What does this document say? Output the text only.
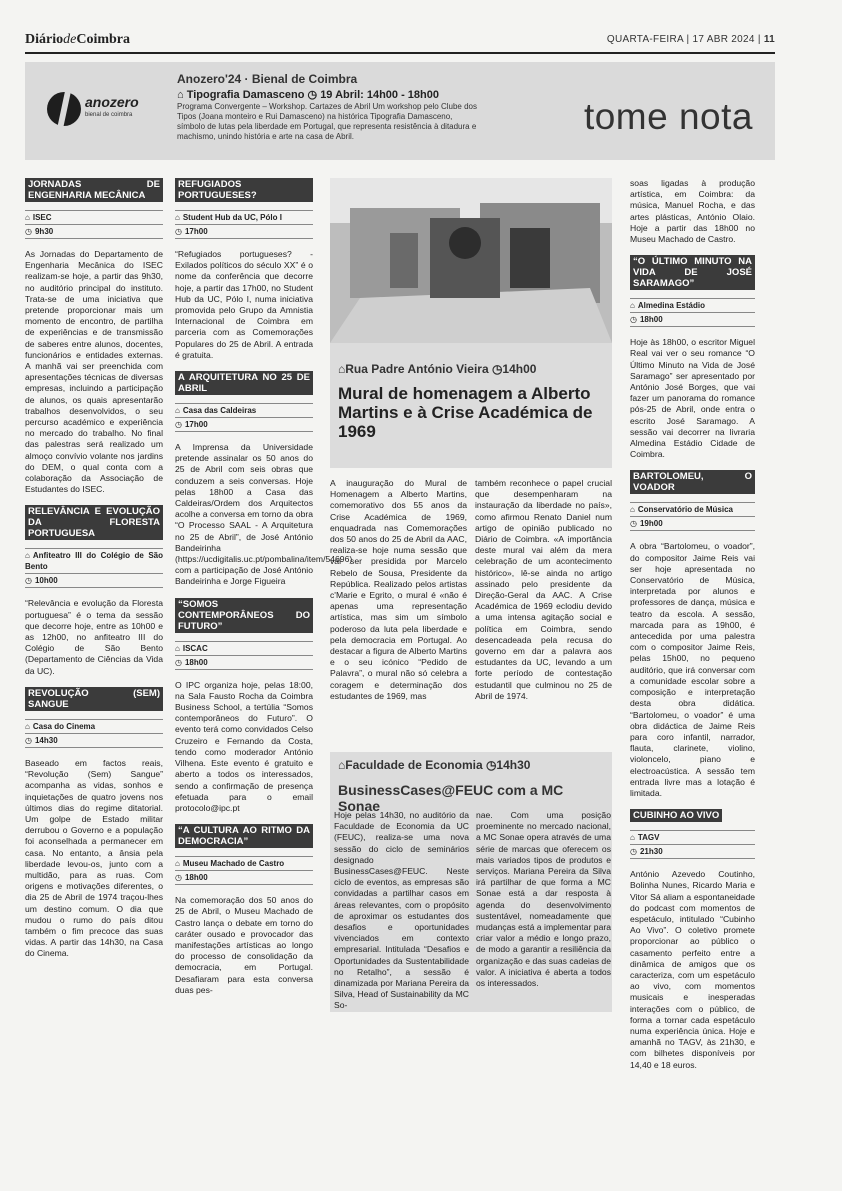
DiáriodeCoimbra	QUARTA-FEIRA | 17 ABR 2024 | 11
anozero
bienal de coimbra
Anozero'24 · Bienal de Coimbra
⌂ Tipografia Damasceno ◷ 19 Abril: 14h00 - 18h00
Programa Convergente – Workshop. Cartazes de Abril Um workshop pelo Clube dos Tipos (Joana monteiro e Rui Damasceno) na histórica Tipografia Damasceno, símbolo de lutas pela liberdade em Portugal, que representa resistência à ditadura e machismo, unindo história e arte na casa de Abril.	tome nota
JORNADAS DE ENGENHARIA MECÂNICA
⌂ ISEC
◷ 9h30

As Jornadas do Departamento de Engenharia Mecânica do ISEC realizam-se hoje, a partir das 9h30, no auditório principal do instituto. Trata-se de uma iniciativa que pretende proporcionar mais um momento de encontro, de partilha de experiências e de transmissão de saberes entre alunos, docentes, funcionários e entidades externas. A manhã vai ser preenchida com apresentações técnicas de diversas empresas, incluindo a participação de alunos, os quais apresentarão trabalhos desenvolvidos, o seu percurso académico e experiência no mercado do trabalho. No final das palestras será realizado um almoço convívio volante nos jardins do DEM, o qual conta com a colaboração da Associação de Estudantes do ISEC.

RELEVÂNCIA E EVOLUÇÃO DA FLORESTA PORTUGUESA
⌂ Anfiteatro III do Colégio de São Bento
◷ 10h00

“Relevância e evolução da Floresta portuguesa” é o tema da sessão que decorre hoje, entre as 10h00 e as 12h00, no anfiteatro III do Colégio de São Bento (Departamento de Ciências da Vida da UC).

REVOLUÇÃO (SEM) SANGUE
⌂ Casa do Cinema
◷ 14h30

Baseado em factos reais, “Revolução (Sem) Sangue” acompanha as vidas, sonhos e inquietações de quatro jovens nos últimos dias do regime ditatorial. Um golpe de Estado militar derrubou o Governo e a população foi aconselhada a permanecer em casa. No entanto, a ânsia pela liberdade levou-os, junto com a multidão, para as ruas. Com origens e motivações diferentes, o dia 25 de Abril de 1974 traçou-lhes um destino comum. O dia que mudou o rumo do país ditou também o fim precoce das suas vidas. A partir das 14h30, na Casa do Cinema.

REFUGIADOS PORTUGUESES?
⌂ Student Hub da UC, Pólo I
◷ 17h00

“Refugiados portugueses? - Exilados políticos do século XX” é o nome da conferência que decorre hoje, a partir das 17h00, no Student Hub da UC, Pólo I, numa iniciativa promovida pelo Grupo da Amnistia Internacional de Coimbra em parceria com as Comemorações Populares do 25 de Abril. A entrada é gratuita.

A ARQUITETURA NO 25 DE ABRIL
⌂ Casa das Caldeiras
◷ 17h00

A Imprensa da Universidade pretende assinalar os 50 anos do 25 de Abril com seis obras que conduzem a seis conversas. Hoje pelas 18h00 a Casa das Caldeiras/Ordem dos Arquitectos acolhe a conversa em torno da obra “O Processo SAAL - A Arquitetura no 25 de Abril”, de José António Bandeirinha (https://ucdigitalis.uc.pt/pombalina/item/54696) com a participação de José António Bandeirinha e Jorge Figueira

“SOMOS CONTEMPORÂNEOS DO FUTURO”
⌂ ISCAC
◷ 18h00

O IPC organiza hoje, pelas 18:00, na Sala Fausto Rocha da Coimbra Business School, a tertúlia “Somos contemporâneos do Futuro”. O evento terá como convidados Celso Cruzeiro e Fernando da Costa, tendo como moderador António Vilhena. Este evento é gratuito e aberto a todos os interessados, sendo a confirmação de presença efetuada para o email protocolo@ipc.pt

“A CULTURA AO RITMO DA DEMOCRACIA”
⌂ Museu Machado de Castro
◷ 18h00

Na comemoração dos 50 anos do 25 de Abril, o Museu Machado de Castro lança o debate em torno do caráter ousado e provocador das manifestações artísticas ao longo do processo de consolidação da democracia, em Portugal. Desafiaram para esta conversa duas pes-

⌂Rua Padre António Vieira ◷14h00
Mural de homenagem a Alberto Martins e à Crise Académica de 1969
A inauguração do Mural de Homenagem a Alberto Martins, comemorativo dos 55 anos da Crise Académica de 1969, enquadrada nas Comemorações dos 50 anos do 25 de Abril da AAC, realiza-se hoje numa sessão que vai ser presidida por Marcelo Rebelo de Sousa, Presidente da República. Realizado pelos artistas c'Marie e Egrito, o mural é «não é apenas uma representação artística, mas sim um símbolo poderoso da luta pela liberdade e pela democracia em Portugal. Ao destacar a figura de Alberto Martins e o seu icónico “Pedido de Palavra”, o mural não só celebra a coragem e determinação dos estudantes de 1969, mas
também reconhece o papel crucial que desempenharam na instauração da liberdade no país», como afirmou Renato Daniel num artigo de opinião publicado no Diário de Coimbra. «A importância deste mural vai além da mera celebração de um acontecimento histórico», lê-se ainda no artigo assinado pelo presidente da Direção-Geral da AAC. A Crise Académica de 1969 eclodiu devido a uma intensa agitação social e política em Coimbra, sendo desencadeada pela recusa do governo em dar a palavra aos estudantes da UC, levando a um forte período de contestação estudantil que culminou no 25 de Abril de 1974.
⌂Faculdade de Economia ◷14h30
BusinessCases@FEUC com a MC Sonae
Hoje pelas 14h30, no auditório da Faculdade de Economia da UC (FEUC), realiza-se uma nova sessão do ciclo de seminários designado BusinessCases@FEUC. Neste ciclo de eventos, as empresas são convidadas a partilhar casos em áreas relevantes, com o propósito de aproximar os estudantes dos desafios e oportunidades vivenciados em contexto empresarial. Intitulada “Desafios e Oportunidades da Sustentabilidade no Retalho”, a sessão é dinamizada por Mariana Pereira da Silva, Head of Sustainability da MC So-
nae. Com uma posição proeminente no mercado nacional, a MC Sonae opera através de uma série de marcas que oferecem os mais variados tipos de produtos e serviços. Mariana Pereira da Silva irá partilhar de que forma a MC Sonae está a dar resposta à agenda do desenvolvimento sustentável, nomeadamente que mudanças está a implementar para criar valor a médio e longo prazo, de modo a garantir a resiliência da organização e das suas cadeias de valor. A iniciativa é aberta a todos os interessados.

soas ligadas à produção artística, em Coimbra: da música, Manuel Rocha, e das artes plásticas, António Olaio. Hoje a partir das 18h00 no Museu Machado de Castro.

“O ÚLTIMO MINUTO NA VIDA DE JOSÉ SARAMAGO”
⌂ Almedina Estádio
◷ 18h00

Hoje às 18h00, o escritor Miguel Real vai ver o seu romance “O Último Minuto na Vida de José Saramago” ser apresentado por António José Borges, que vai fazer um panorama do romance pós-25 de Abril, onde entra o escrito José Saramago. A sessão vai decorrer na livraria Almedina Estádio Cidade de Coimbra.

BARTOLOMEU, O VOADOR
⌂ Conservatório de Música
◷ 19h00

A obra “Bartolomeu, o voador”, do compositor Jaime Reis vai ser hoje apresentada no Conservatório de Música, interpretada por alunos e professores de dança, música e teatro da escola. A sessão, marcada para as 19h00, é antecedida por uma palestra com o compositor Jaime Reis, pelas 15h00, no pequeno auditório, que irá conversar com a comunidade escolar sobre a composição e interpretação desta obra didática. “Bartolomeu, o voador” é uma obra didáctica de Jaime Reis para coro infantil, narrador, flauta, clarinete, violino, violoncelo, piano e electroacústica. A sessão tem entrada livre mas a lotação é limitada.

CUBINHO AO VIVO
⌂ TAGV
◷ 21h30

António Azevedo Coutinho, Bolinha Nunes, Ricardo Maria e Vitor Sá aliam a espontaneidade do podcast com momentos de espetáculo, intitulado “Cubinho Ao Vivo”. O coletivo promete proporcionar ao público o casamento perfeito entre a dinâmica de amigos que os caracteriza, com um espetáculo ao vivo, com momentos musicais e inesperadas interações com o público, de forma a tornar cada espetáculo numa experiência única. Hoje e amanhã no TAGV, às 21h30, e com bilhetes disponíveis por 14,40 e 18 euros.
